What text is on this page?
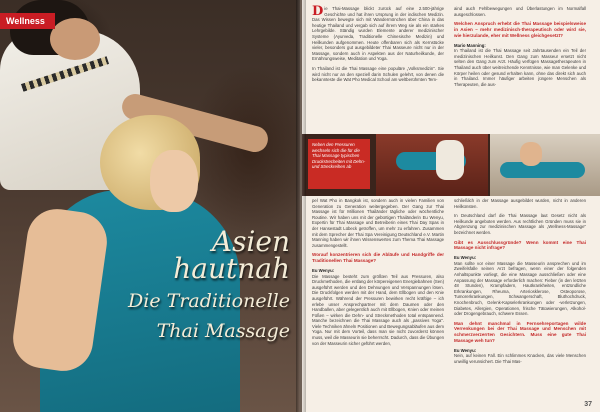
Wellness
Asien
hautnah
Die Traditionelle
Thai Massage

Die Thai-Massage blickt zurück auf eine 2.500-jährige Geschichte und hat ihren Ursprung in der indischen Medizin. Das Wissen bewegte sich mit Wandermönchen über China in das heutige Thailand und vergab sich auf ihrem Weg sie als ein starkes Lehrgebilde. Ständig wurden Elemente anderer medizinischer Systeme (Ayurveda, Traditionelle Chinesische Medizin) und Heilkunden aufgenommen. Heute offenbaren sich als Kernstücke vieler, besonders gut ausgebildeter Thai Masseure nicht nur in der Massage, sondern auch in Aspekten aus der Naturheilkunde, der Ernährungsweise, Meditation und Yoga.

In Thailand ist die Thai Massage eine populäre „Volksmedizin". Sie wird nicht nur an den speziell darin Schulen gelehrt, von denen die bekannteste die Wat Pho Medical School am weltberühmten Tem-

aind auch Fehlbewegungen und Überlastungen im Normalfall ausgeschlossen.

Welchen Anspruch erhebt die Thai Massage beispielsweise in Asien – mehr medizinisch-therapeutisch oder wird sie, wie hierzulande, eher mit Wellness gleichgesetzt?

Mario Manning:

In Thailand ist die Thai Massage seit Jahrtausenden ein Teil der medizinischen Heilkunst. Den Gang zum Masseur ersetzt nicht selten den Gang zum Arzt. Häufig verfügen Massagetherapeuten in Thailand auch über weitreichende Kenntnisse, wie man Gelenke und Körper heilen oder gesund erhalten kann, ohne das direkt sich auch in Thailand. Immer häufiger arbeiten jüngere Menschen als Therapeuten, die aus-

Neben den Pressuren wechseln sich die für die Thai Massage typischen Druckstrecheiten mit Dehn- und Streckreihen ab

pel Wat Pho in Bangkok ist, sondern auch in vielen Familien von Generation zu Generation weitergegeben. Der Gang zur Thai Massage ist für Millionen Thailänder tägliche oder wöchentliche Routine. Wir haben uns mit der gebürtigen Thailänderin Eu Wenyu, Expertin für Thai Massage und Betreiberin eines Thai Day Spas in der Hansestadt Lübeck getroffen, um mehr zu erfahren. Zusammen mit dem Sprecher der Thai Spa Vereinigung Deutschland e.V. Martin Manning haben wir ihnen Wissenswertes zum Thema Thai Massage zusammengestellt.

Worauf konzentrieren sich die Abläufe und Handgriffe der Traditionellen Thai Massage?

Eu Wenyu:

Die Massage besteht zum größten Teil aus Pressuren, also Druckmethoden, die entlang der körpereigenen Energiebahnen (Sen) ausgeführt werden und den Dehnungen und Verspannungen lösen. Die Druckfolgen werden mit der Hand, dem Ellbogen und den Knie ausgeführt. Während der Pressuren bewirken recht kräftige – ich erlebe unser Ansprechpartner mit dem Daumen oder den Handballen, aber gelegentlich auch mit Ellbogen, Knien oder meinen Füßen – wirken die Dehn- und Streckmethoden total entspannend. Manche bezeichnen die Thai Massage auch als „passives Yoga". Viele Techniken ähneln Positionen und Bewegungsabläufen aus dem Yoga. Nur mit dem Vorteil, dass man sie nicht zuvorderst können muss, weil die Masseurin sie beherrscht. Dadurch, dass die Übungen von der Masseurin sicher geführt werden,

schließlich in der Massage ausgebildet wurden, nicht in anderen Heilkünsten.

In Deutschland darf die Thai Massage laut Gesetz nicht als Heilkunde angeboten werden. Aus rechtlichen Gründen muss sie in Abgrenzung zur medizinischen Massage als „Wellness-Massage" bezeichnet werden.

Gibt es Ausschlussgründe? Wenn kommt eine Thai Massage nicht infrage?

Eu Wenyu:

Man sollte vor einer Massage die Masseurin ansprechen und im Zweifelsfalle seinen Arzt befragen, wenn einer der folgenden Anhaltspunkte vorliegt, die eine Massage ausschließen oder eine Anpassung der Massage erforderlich machen: Fieber (in den letzten 48 Stunden), Krampfadern, Hautkrankheiten, entzündliche Erkrankungen, Rheuma, Arteriosklerose, Osteoporose, Tumorerkrankungen, Schwangerschaft, Bluthochdruck, Knochenbruch, Gelenk-Kapselerkrankungen oder -verletzungen, Diabetes, Allergien, Operationen, frische Tätowierungen, Alkohol- oder Drogengebrauch, schwere Essen.

Man dehnt manchmal in Fernsehreportagen wilde Verrenkungen bei der Thai Massage und Menschen mit schmerzverzerrten Gesichtern. Muss eine gute Thai Massage weh tun?

Eu Wenyu:

Nein, auf keinen Fall. Ein schlimmes Knacken, das viele Menschen unwillig verunsichert. Die Thai Mas-

37
